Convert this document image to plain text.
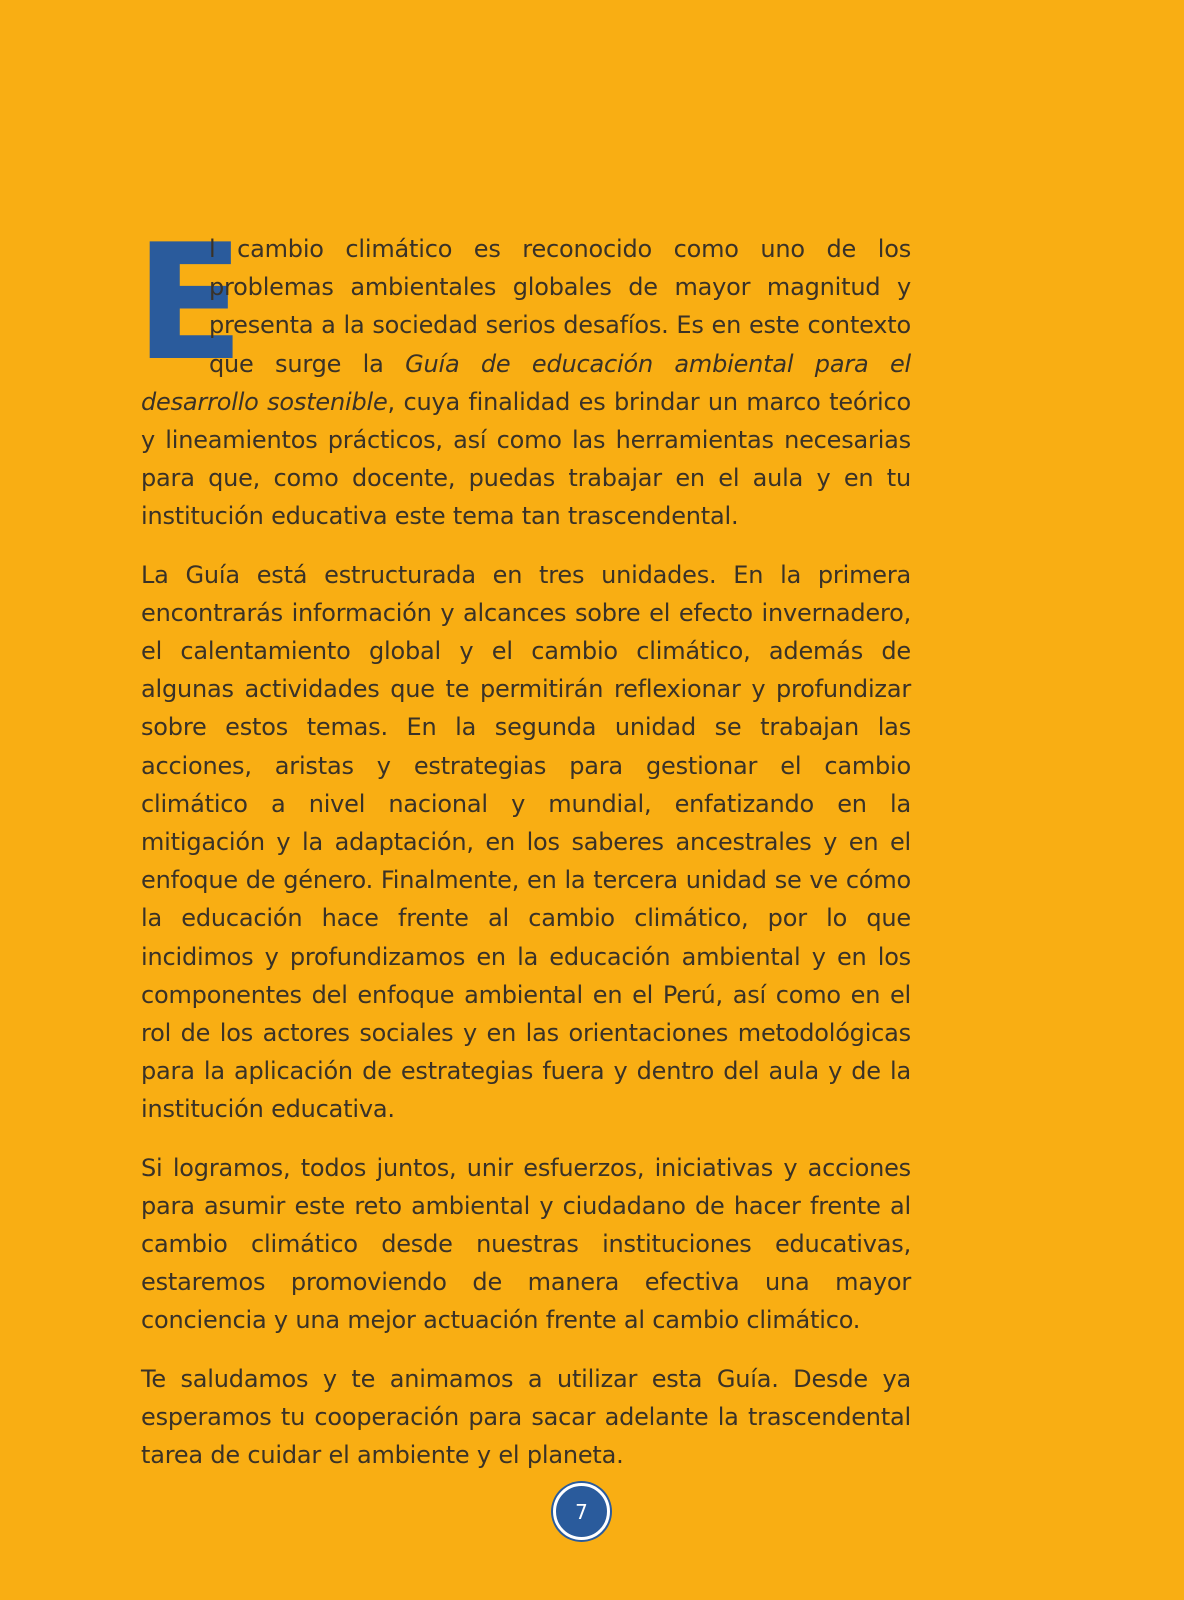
E
l cambio climático es reconocido como uno de los problemas ambientales globales de mayor magnitud y presenta a la sociedad serios desafíos. Es en este contexto que surge la Guía de educación ambiental para el desarrollo sostenible, cuya finalidad es brindar un marco teórico y lineamientos prácticos, así como las herramientas necesarias para que, como docente, puedas trabajar en el aula y en tu institución educativa este tema tan trascendental.

La Guía está estructurada en tres unidades. En la primera encontrarás información y alcances sobre el efecto invernadero, el calentamiento global y el cambio climático, además de algunas actividades que te permitirán reflexionar y profundizar sobre estos temas. En la segunda unidad se trabajan las acciones, aristas y estrategias para gestionar el cambio climático a nivel nacional y mundial, enfatizando en la mitigación y la adaptación, en los saberes ancestrales y en el enfoque de género. Finalmente, en la tercera unidad se ve cómo la educación hace frente al cambio climático, por lo que incidimos y profundizamos en la educación ambiental y en los componentes del enfoque ambiental en el Perú, así como en el rol de los actores sociales y en las orientaciones metodológicas para la aplicación de estrategias fuera y dentro del aula y de la institución educativa.

Si logramos, todos juntos, unir esfuerzos, iniciativas y acciones para asumir este reto ambiental y ciudadano de hacer frente al cambio climático desde nuestras instituciones educativas, estaremos promoviendo de manera efectiva una mayor conciencia y una mejor actuación frente al cambio climático.

Te saludamos y te animamos a utilizar esta Guía. Desde ya esperamos tu cooperación para sacar adelante la trascendental tarea de cuidar el ambiente y el planeta.

7
